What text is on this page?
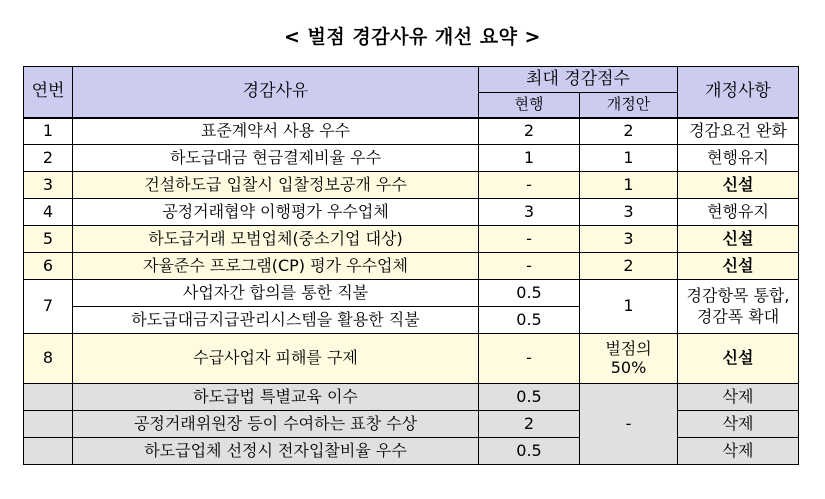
< 벌점 경감사유 개선 요약 >
연번	경감사유	최대 경감점수		개정사항
		현행	개정안	
1	표준계약서 사용 우수	2	2	경감요건 완화
2	하도급대금 현금결제비율 우수	1	1	현행유지
3	건설하도급 입찰시 입찰정보공개 우수	-	1	신설
4	공정거래협약 이행평가 우수업체	3	3	현행유지
5	하도급거래 모범업체(중소기업 대상)	-	3	신설
6	자율준수 프로그램(CP) 평가 우수업체	-	2	신설
7	사업자간 합의를 통한 직불	0.5	1	경감항목 통합, 경감폭 확대
	하도급대금지급관리시스템을 활용한 직불	0.5		
8	수급사업자 피해를 구제	-	벌점의 50%	신설
	하도급법 특별교육 이수	0.5	-	삭제
	공정거래위원장 등이 수여하는 표창 수상	2		삭제
	하도급업체 선정시 전자입찰비율 우수	0.5		삭제
